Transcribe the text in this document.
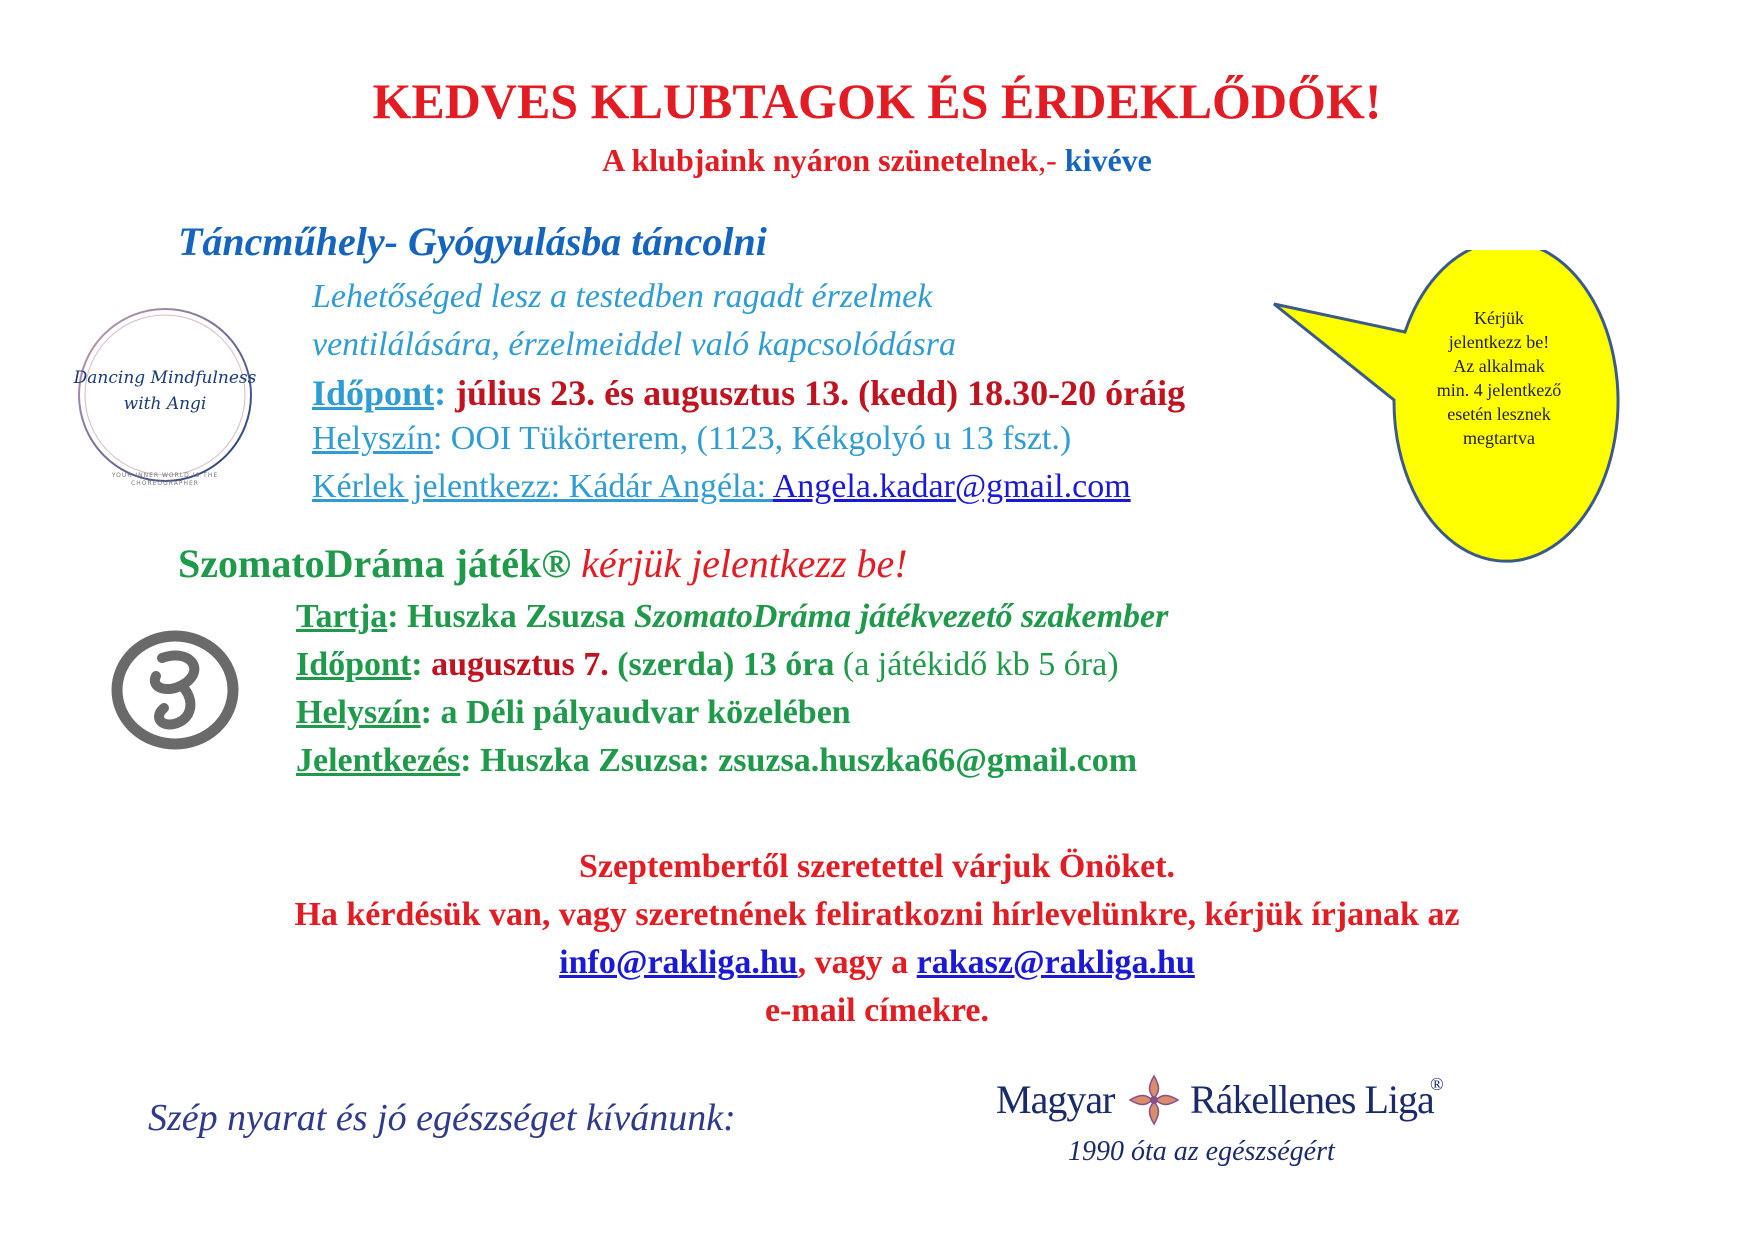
KEDVES KLUBTAGOK ÉS ÉRDEKLŐDŐK!
A klubjaink nyáron szünetelnek,- kivéve
Táncműhely- Gyógyulásba táncolni
Lehetőséged lesz a testedben ragadt érzelmek
ventilálására, érzelmeiddel való kapcsolódásra
Időpont: július 23. és augusztus 13. (kedd) 18.30-20 óráig
Helyszín: OOI Tükörterem, (1123, Kékgolyó u 13 fszt.)
Kérlek jelentkezz: Kádár Angéla: Angela.kadar@gmail.com
Dancing Mindfulness
with Angi
YOUR INNER WORLD IS THE
CHOREOGRAPHER
Kérjük
jelentkezz be!
Az alkalmak
min. 4 jelentkező
esetén lesznek
megtartva
SzomatoDráma játék® kérjük jelentkezz be!
Tartja: Huszka Zsuzsa SzomatoDráma játékvezető szakember
Időpont: augusztus 7. (szerda) 13 óra (a játékidő kb 5 óra)
Helyszín: a Déli pályaudvar közelében
Jelentkezés: Huszka Zsuzsa: zsuzsa.huszka66@gmail.com
Szeptembertől szeretettel várjuk Önöket.
Ha kérdésük van, vagy szeretnének feliratkozni hírlevelünkre, kérjük írjanak az
info@rakliga.hu, vagy a rakasz@rakliga.hu
e-mail címekre.
Szép nyarat és jó egészséget kívánunk:	Magyar Rákellenes Liga
®
1990 óta az egészségért
